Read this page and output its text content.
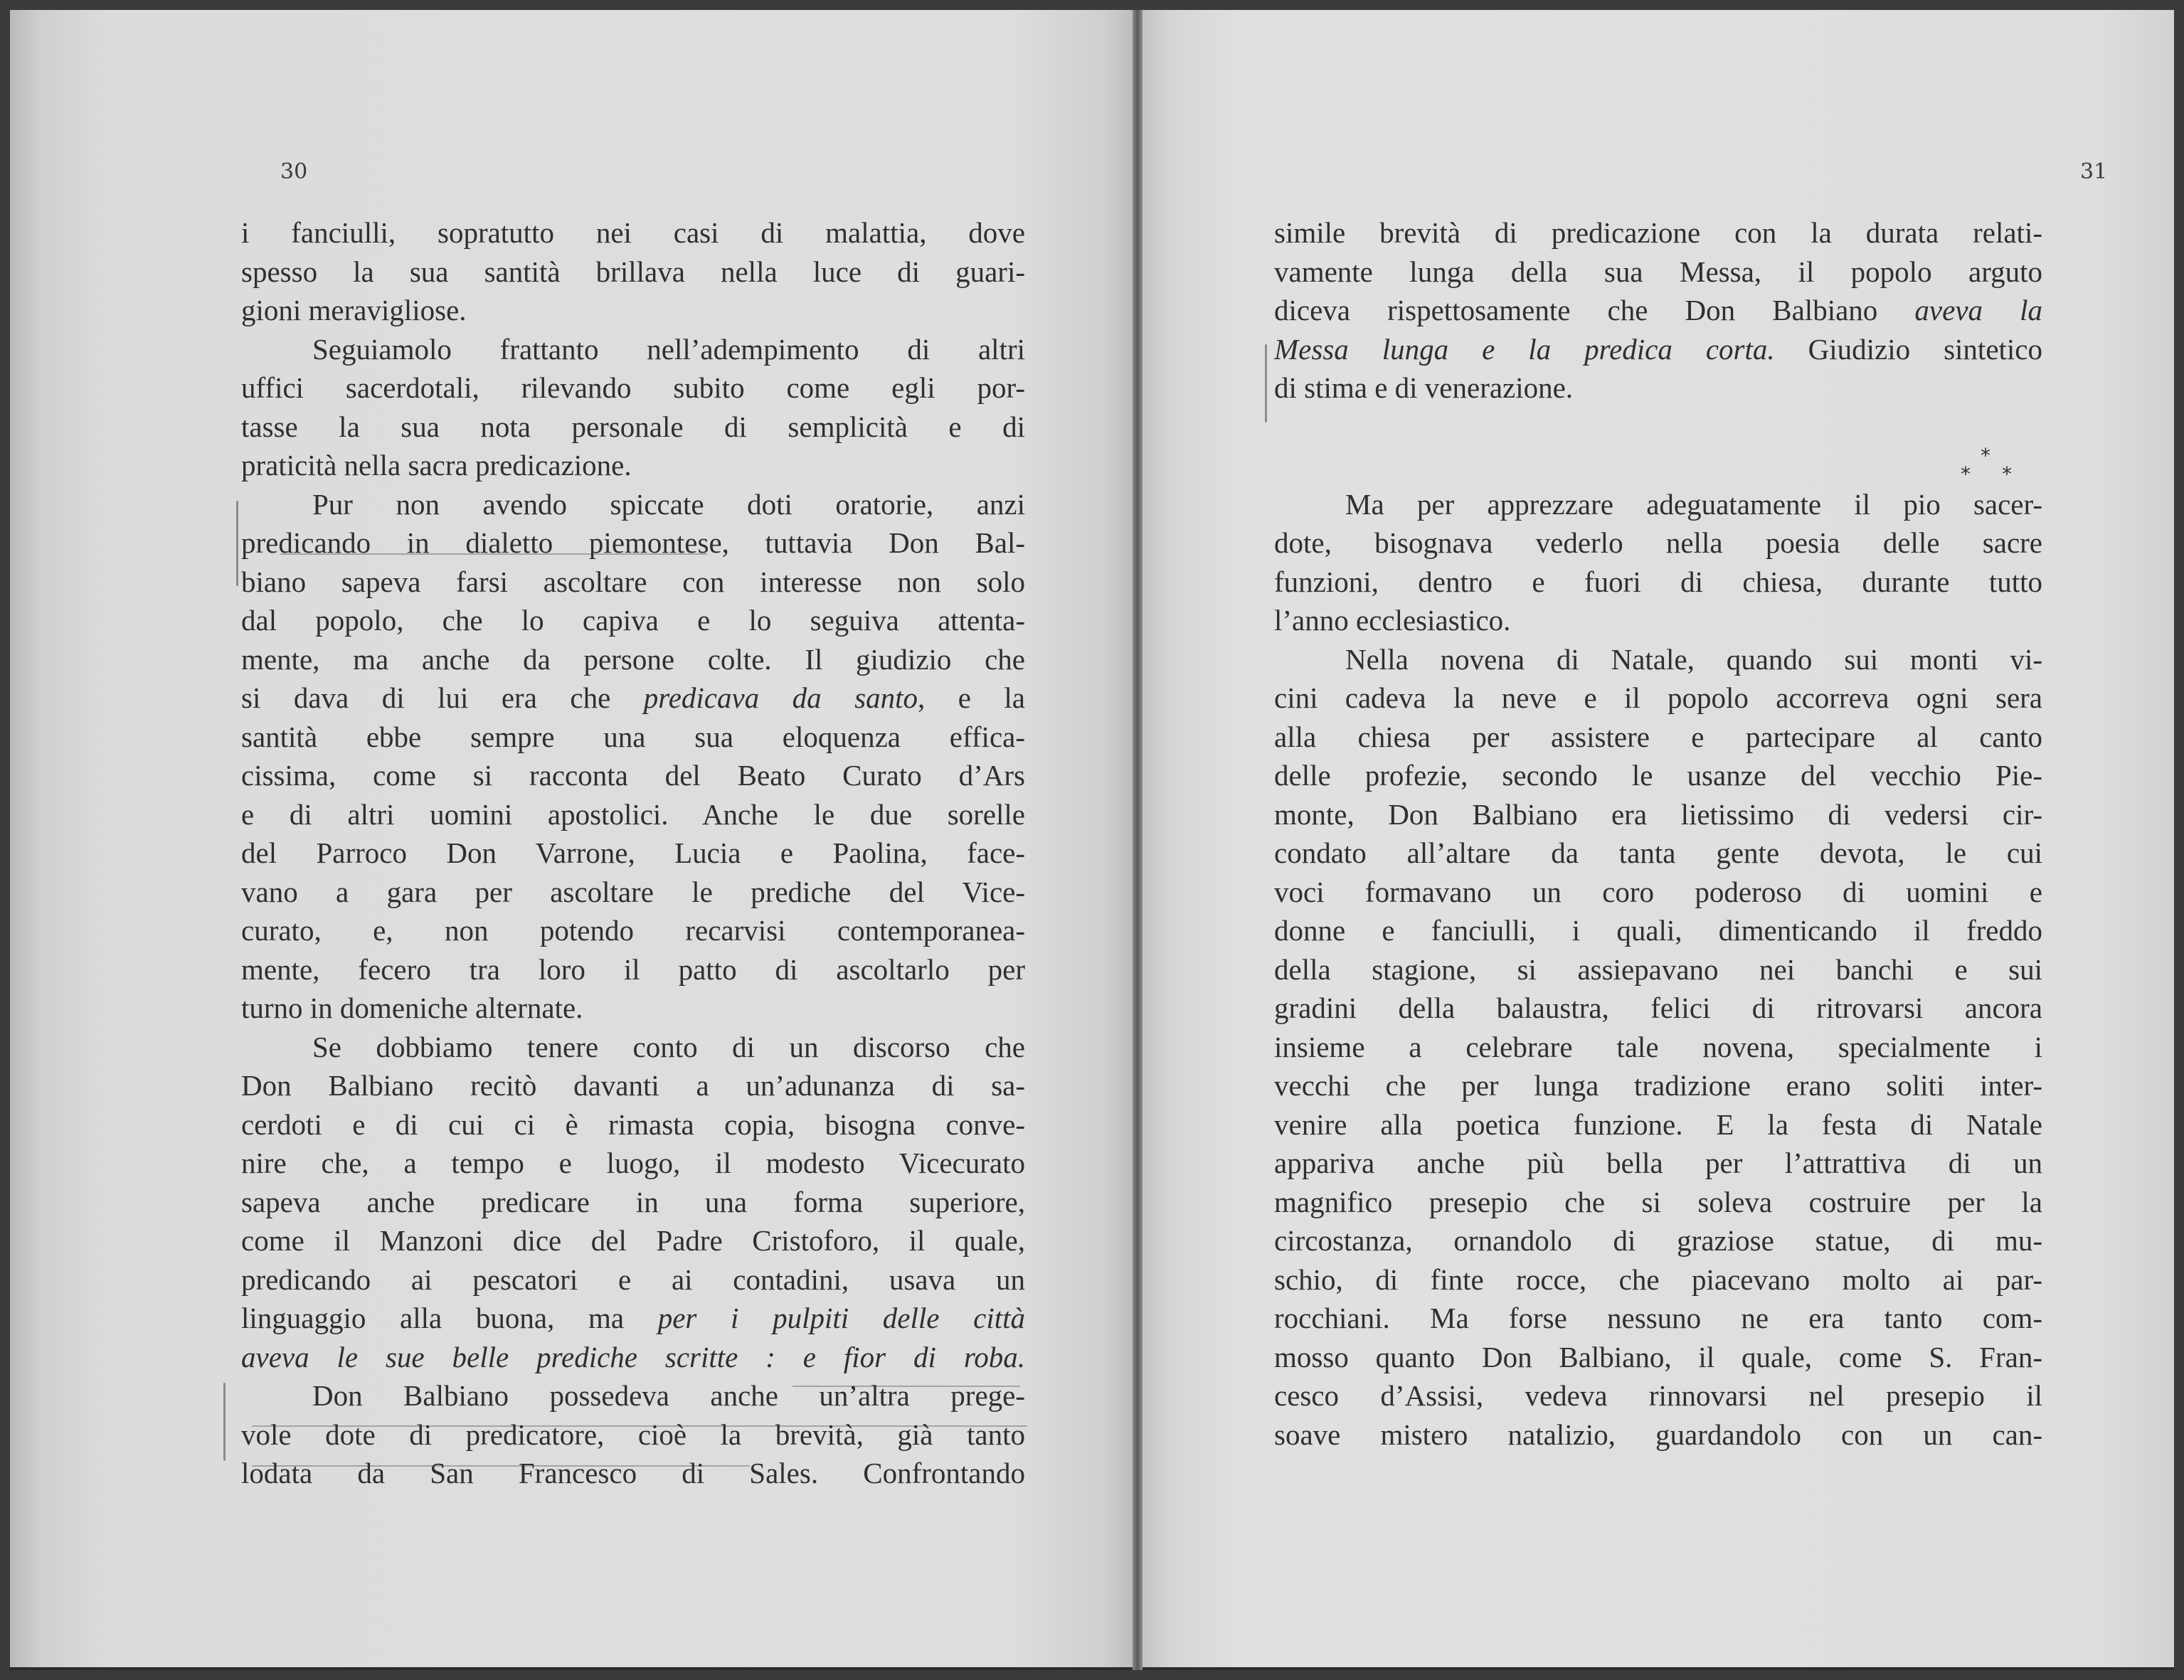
30
i fanciulli, sopratutto nei casi di malattia, dove
spesso la sua santità brillava nella luce di guari-
gioni meravigliose.
Seguiamolo frattanto nell’adempimento di altri
uffici sacerdotali, rilevando subito come egli por-
tasse la sua nota personale di semplicità e di
praticità nella sacra predicazione.
Pur non avendo spiccate doti oratorie, anzi
predicando in dialetto piemontese, tuttavia Don Bal-
biano sapeva farsi ascoltare con interesse non solo
dal popolo, che lo capiva e lo seguiva attenta-
mente, ma anche da persone colte. Il giudizio che
si dava di lui era che predicava da santo, e la
santità ebbe sempre una sua eloquenza effica-
cissima, come si racconta del Beato Curato d’Ars
e di altri uomini apostolici. Anche le due sorelle
del Parroco Don Varrone, Lucia e Paolina, face-
vano a gara per ascoltare le prediche del Vice-
curato, e, non potendo recarvisi contemporanea-
mente, fecero tra loro il patto di ascoltarlo per
turno in domeniche alternate.
Se dobbiamo tenere conto di un discorso che
Don Balbiano recitò davanti a un’adunanza di sa-
cerdoti e di cui ci è rimasta copia, bisogna conve-
nire che, a tempo e luogo, il modesto Vicecurato
sapeva anche predicare in una forma superiore,
come il Manzoni dice del Padre Cristoforo, il quale,
predicando ai pescatori e ai contadini, usava un
linguaggio alla buona, ma per i pulpiti delle città
aveva le sue belle prediche scritte : e fior di roba.
Don Balbiano possedeva anche un’altra prege-
vole dote di predicatore, cioè la brevità, già tanto
lodata da San Francesco di Sales. Confrontando
31
simile brevità di predicazione con la durata relati-
vamente lunga della sua Messa, il popolo arguto
diceva rispettosamente che Don Balbiano aveva la
Messa lunga e la predica corta. Giudizio sintetico
di stima e di venerazione.
Ma per apprezzare adeguatamente il pio sacer-
dote, bisognava vederlo nella poesia delle sacre
funzioni, dentro e fuori di chiesa, durante tutto
l’anno ecclesiastico.
Nella novena di Natale, quando sui monti vi-
cini cadeva la neve e il popolo accorreva ogni sera
alla chiesa per assistere e partecipare al canto
delle profezie, secondo le usanze del vecchio Pie-
monte, Don Balbiano era lietissimo di vedersi cir-
condato all’altare da tanta gente devota, le cui
voci formavano un coro poderoso di uomini e
donne e fanciulli, i quali, dimenticando il freddo
della stagione, si assiepavano nei banchi e sui
gradini della balaustra, felici di ritrovarsi ancora
insieme a celebrare tale novena, specialmente i
vecchi che per lunga tradizione erano soliti inter-
venire alla poetica funzione. E la festa di Natale
appariva anche più bella per l’attrattiva di un
magnifico presepio che si soleva costruire per la
circostanza, ornandolo di graziose statue, di mu-
schio, di finte rocce, che piacevano molto ai par-
rocchiani. Ma forse nessuno ne era tanto com-
mosso quanto Don Balbiano, il quale, come S. Fran-
cesco d’Assisi, vedeva rinnovarsi nel presepio il
soave mistero natalizio, guardandolo con un can-
*
* *
